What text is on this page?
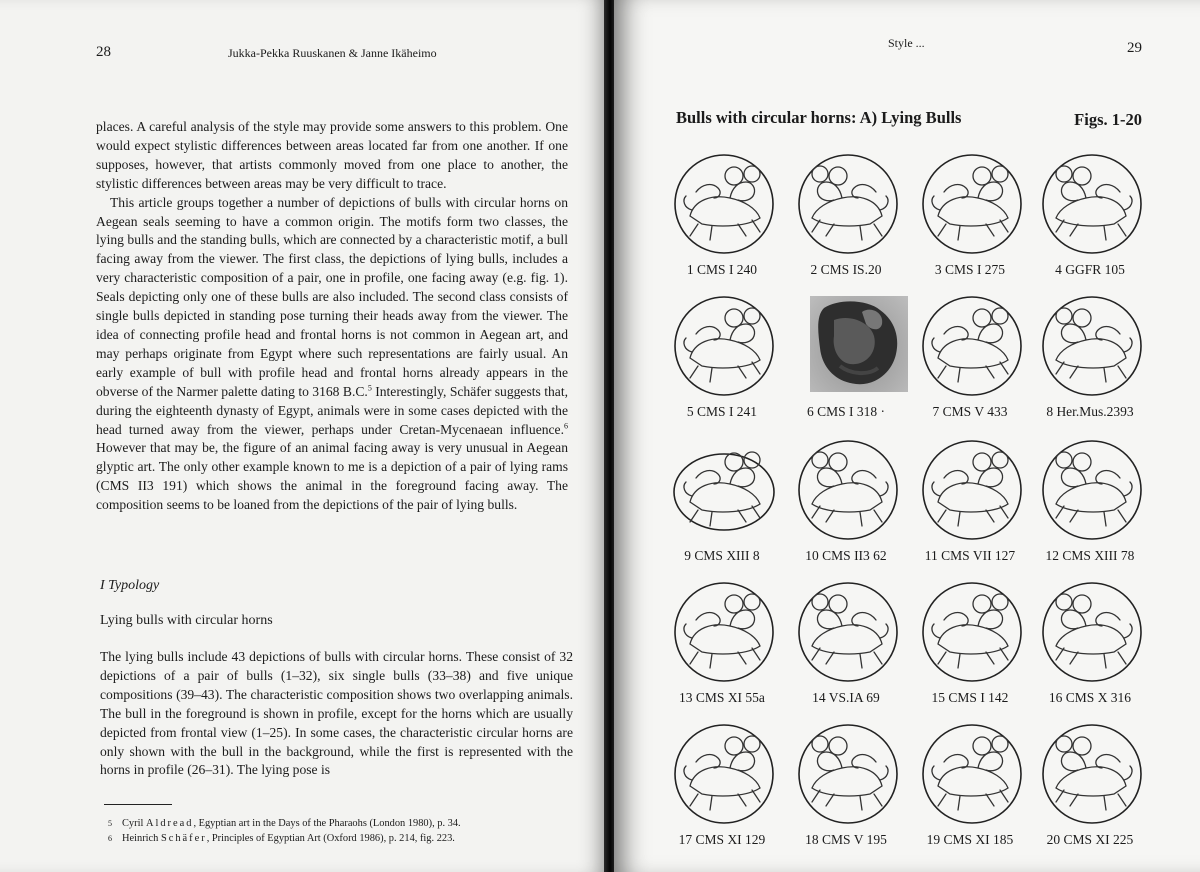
28	Jukka-Pekka Ruuskanen & Janne Ikäheimo

places. A careful analysis of the style may provide some answers to this problem. One would expect stylistic differences between areas located far from one another. If one supposes, however, that artists commonly moved from one place to another, the stylistic differences between areas may be very difficult to trace.

This article groups together a number of depictions of bulls with circular horns on Aegean seals seeming to have a common origin. The motifs form two classes, the lying bulls and the standing bulls, which are connected by a characteristic motif, a bull facing away from the viewer. The first class, the depictions of lying bulls, includes a very characteristic composition of a pair, one in profile, one facing away (e.g. fig. 1). Seals depicting only one of these bulls are also included. The second class consists of single bulls depicted in standing pose turning their heads away from the viewer. The idea of connecting profile head and frontal horns is not common in Aegean art, and may perhaps originate from Egypt where such representations are fairly usual. An early example of bull with profile head and frontal horns already appears in the obverse of the Narmer palette dating to 3168 B.C.$^5$ Interestingly, Schäfer suggests that, during the eighteenth dynasty of Egypt, animals were in some cases depicted with the head turned away from the viewer, perhaps under Cretan-Mycenaean influence.$^6$ However that may be, the figure of an animal facing away is very unusual in Aegean glyptic art. The only other example known to me is a depiction of a pair of lying rams (CMS II3 191) which shows the animal in the foreground facing away. The composition seems to be loaned from the depictions of the pair of lying bulls.

I Typology
Lying bulls with circular horns

The lying bulls include 43 depictions of bulls with circular horns. These consist of 32 depictions of a pair of bulls (1–32), six single bulls (33–38) and five unique compositions (39–43). The characteristic composition shows two overlapping animals. The bull in the foreground is shown in profile, except for the horns which are usually depicted from frontal view (1–25). In some cases, the characteristic circular horns are only shown with the bull in the background, while the first is represented with the horns in profile (26–31). The lying pose is

5 Cyril Aldread, Egyptian art in the Days of the Pharaohs (London 1980), p. 34.
6 Heinrich Schäfer, Principles of Egyptian Art (Oxford 1986), p. 214, fig. 223.
Style ...	29
Bulls with circular horns: A) Lying Bulls	Figs. 1-20
1 CMS I 240	2 CMS IS.20	3 CMS I 275	4 GGFR 105
5 CMS I 241	6 CMS I 318 ·	7 CMS V 433	8 Her.Mus.2393
9 CMS XIII 8	10 CMS II3 62	11 CMS VII 127	12 CMS XIII 78
13 CMS XI 55a	14 VS.IA 69	15 CMS I 142	16 CMS X 316
17 CMS XI 129	18 CMS V 195	19 CMS XI 185	20 CMS XI 225
